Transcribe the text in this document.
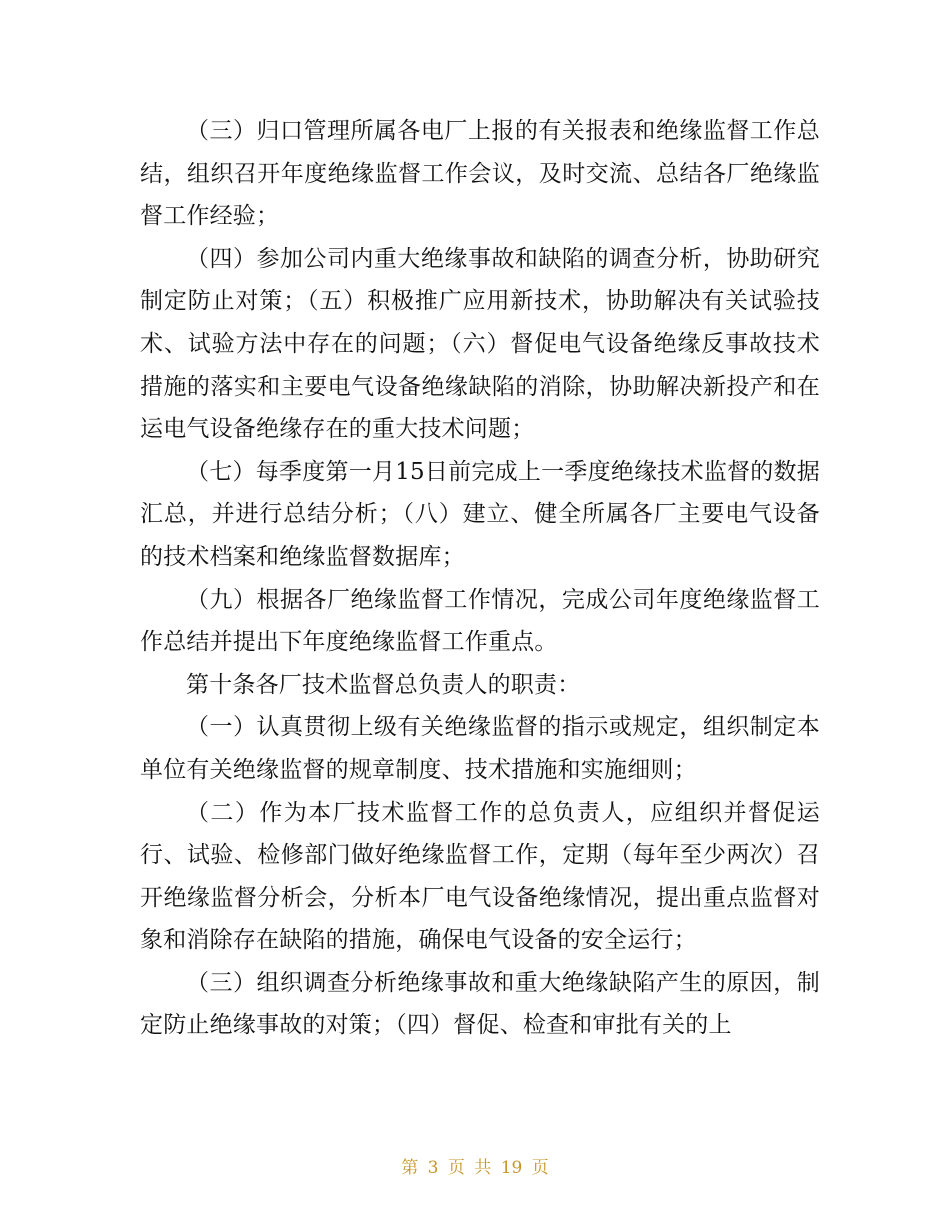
（三）归口管理所属各电厂上报的有关报表和绝缘监督工作总结，组织召开年度绝缘监督工作会议，及时交流、总结各厂绝缘监督工作经验；

（四）参加公司内重大绝缘事故和缺陷的调查分析，协助研究制定防止对策；（五）积极推广应用新技术，协助解决有关试验技术、试验方法中存在的问题；（六）督促电气设备绝缘反事故技术措施的落实和主要电气设备绝缘缺陷的消除，协助解决新投产和在运电气设备绝缘存在的重大技术问题；

（七）每季度第一月15日前完成上一季度绝缘技术监督的数据汇总，并进行总结分析；（八）建立、健全所属各厂主要电气设备的技术档案和绝缘监督数据库；

（九）根据各厂绝缘监督工作情况，完成公司年度绝缘监督工作总结并提出下年度绝缘监督工作重点。

第十条各厂技术监督总负责人的职责：

（一）认真贯彻上级有关绝缘监督的指示或规定，组织制定本单位有关绝缘监督的规章制度、技术措施和实施细则；

（二）作为本厂技术监督工作的总负责人，应组织并督促运行、试验、检修部门做好绝缘监督工作，定期（每年至少两次）召开绝缘监督分析会，分析本厂电气设备绝缘情况，提出重点监督对象和消除存在缺陷的措施，确保电气设备的安全运行；

（三）组织调查分析绝缘事故和重大绝缘缺陷产生的原因，制定防止绝缘事故的对策；（四）督促、检查和审批有关的上

第 3 页 共 19 页
